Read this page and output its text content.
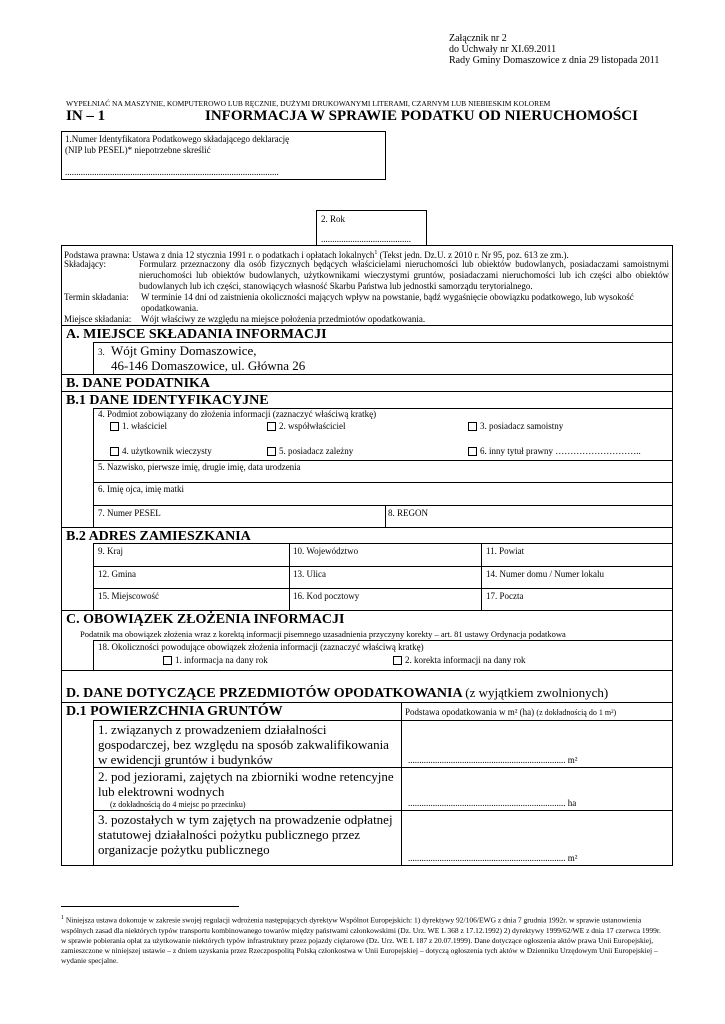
Załącznik nr 2
do Uchwały nr XI.69.2011
Rady Gminy Domaszowice z dnia 29 listopada 2011
WYPEŁNIAĆ NA MASZYNIE, KOMPUTEROWO LUB RĘCZNIE, DUŻYMI DRUKOWANYMI LITERAMI, CZARNYM LUB NIEBIESKIM KOLOREM
IN – 1	INFORMACJA W SPRAWIE PODATKU OD NIERUCHOMOŚCI
1.Numer Identyfikatora Podatkowego składającego deklarację
(NIP lub PESEL)* niepotrzebne skreślić
...............................................................................................
2. Rok
........................................
Podstawa prawna: Ustawa z dnia 12 stycznia 1991 r. o podatkach i opłatach lokalnych$^1$ (Tekst jedn. Dz.U. z 2010 r. Nr 95, poz. 613 ze zm.).
Składający:	Formularz przeznaczony dla osób fizycznych będących właścicielami nieruchomości lub obiektów budowlanych, posiadaczami samoistnymi nieruchomości lub obiektów budowlanych, użytkownikami wieczystymi gruntów, posiadaczami nieruchomości lub ich części albo obiektów budowlanych lub ich części, stanowiących własność Skarbu Państwa lub jednostki samorządu terytorialnego.
Termin składania: W terminie 14 dni od zaistnienia okoliczności mających wpływ na powstanie, bądź wygaśnięcie obowiązku podatkowego, lub wysokość opodatkowania.
Miejsce składania: Wójt właściwy ze względu na miejsce położenia przedmiotów opodatkowania.
A. MIEJSCE SKŁADANIA INFORMACJI
3. Wójt Gminy Domaszowice,
46-146 Domaszowice, ul. Główna 26
B. DANE PODATNIKA
B.1 DANE IDENTYFIKACYJNE
4. Podmiot zobowiązany do złożenia informacji (zaznaczyć właściwą kratkę)
1. właściciel	2. współwłaściciel	3. posiadacz samoistny
4. użytkownik wieczysty	5. posiadacz zależny	6. inny tytuł prawny ………………………..
5. Nazwisko, pierwsze imię, drugie imię, data urodzenia
6. Imię ojca, imię matki
7. Numer PESEL	8. REGON
B.2 ADRES ZAMIESZKANIA
9. Kraj	10. Województwo	11. Powiat
12. Gmina	13. Ulica	14. Numer domu / Numer lokalu
15. Miejscowość	16. Kod pocztowy	17. Poczta
C. OBOWIĄZEK ZŁOŻENIA INFORMACJI
Podatnik ma obowiązek złożenia wraz z korektą informacji pisemnego uzasadnienia przyczyny korekty – art. 81 ustawy Ordynacja podatkowa
18. Okoliczności powodujące obowiązek złożenia informacji (zaznaczyć właściwą kratkę)
1. informacja na dany rok	2. korekta informacji na dany rok
D. DANE DOTYCZĄCE PRZEDMIOTÓW OPODATKOWANIA (z wyjątkiem zwolnionych)
D.1 POWIERZCHNIA GRUNTÓW	Podstawa opodatkowania w m² (ha) (z dokładnością do 1 m²)
1. związanych z prowadzeniem działalności gospodarczej, bez względu na sposób zakwalifikowania w ewidencji gruntów i budynków	...................................................................... m²
2. pod jeziorami, zajętych na zbiorniki wodne retencyjne lub elektrowni wodnych
(z dokładnością do 4 miejsc po przecinku)	...................................................................... ha
3. pozostałych w tym zajętych na prowadzenie odpłatnej statutowej działalności pożytku publicznego przez organizacje pożytku publicznego
...................................................................... m²
$^1$ Niniejsza ustawa dokonuje w zakresie swojej regulacji wdrożenia następujących dyrektyw Wspólnot Europejskich: 1) dyrektywy 92/106/EWG z dnia 7 grudnia 1992r. w sprawie ustanowienia wspólnych zasad dla niektórych typów transportu kombinowanego towarów między państwami członkowskimi (Dz. Urz. WE L 368 z 17.12.1992) 2) dyrektywy 1999/62/WE z dnia 17 czerwca 1999r. w sprawie pobierania opłat za użytkowanie niektórych typów infrastruktury przez pojazdy ciężarowe (Dz. Urz. WE L 187 z 20.07.1999). Dane dotyczące ogłoszenia aktów prawa Unii Europejskiej, zamieszczone w niniejszej ustawie – z dniem uzyskania przez Rzeczpospolitą Polską członkostwa w Unii Europejskiej – dotyczą ogłoszenia tych aktów w Dzienniku Urzędowym Unii Europejskiej – wydanie specjalne.
